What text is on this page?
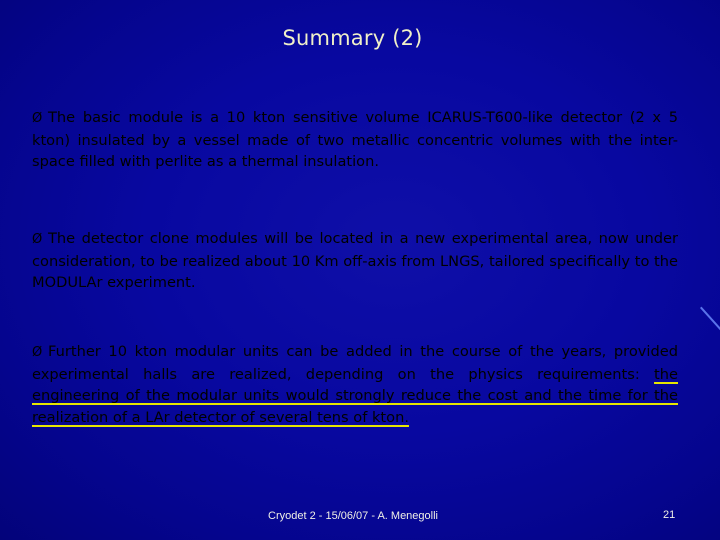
Summary (2)
Ø The basic module is a 10 kton sensitive volume ICARUS-T600-like detector (2 x 5 kton) insulated by a vessel made of two metallic concentric volumes with the inter-space filled with perlite as a thermal insulation.
Ø The detector clone modules will be located in a new experimental area, now under consideration, to be realized about 10 Km off-axis from LNGS, tailored specifically to the MODULAr experiment.
Ø Further 10 kton modular units can be added in the course of the years, provided experimental halls are realized, depending on the physics requirements: the engineering of the modular units would strongly reduce the cost and the time for the realization of a LAr detector of several tens of kton.
Cryodet 2 - 15/06/07 - A. Menegolli	21
